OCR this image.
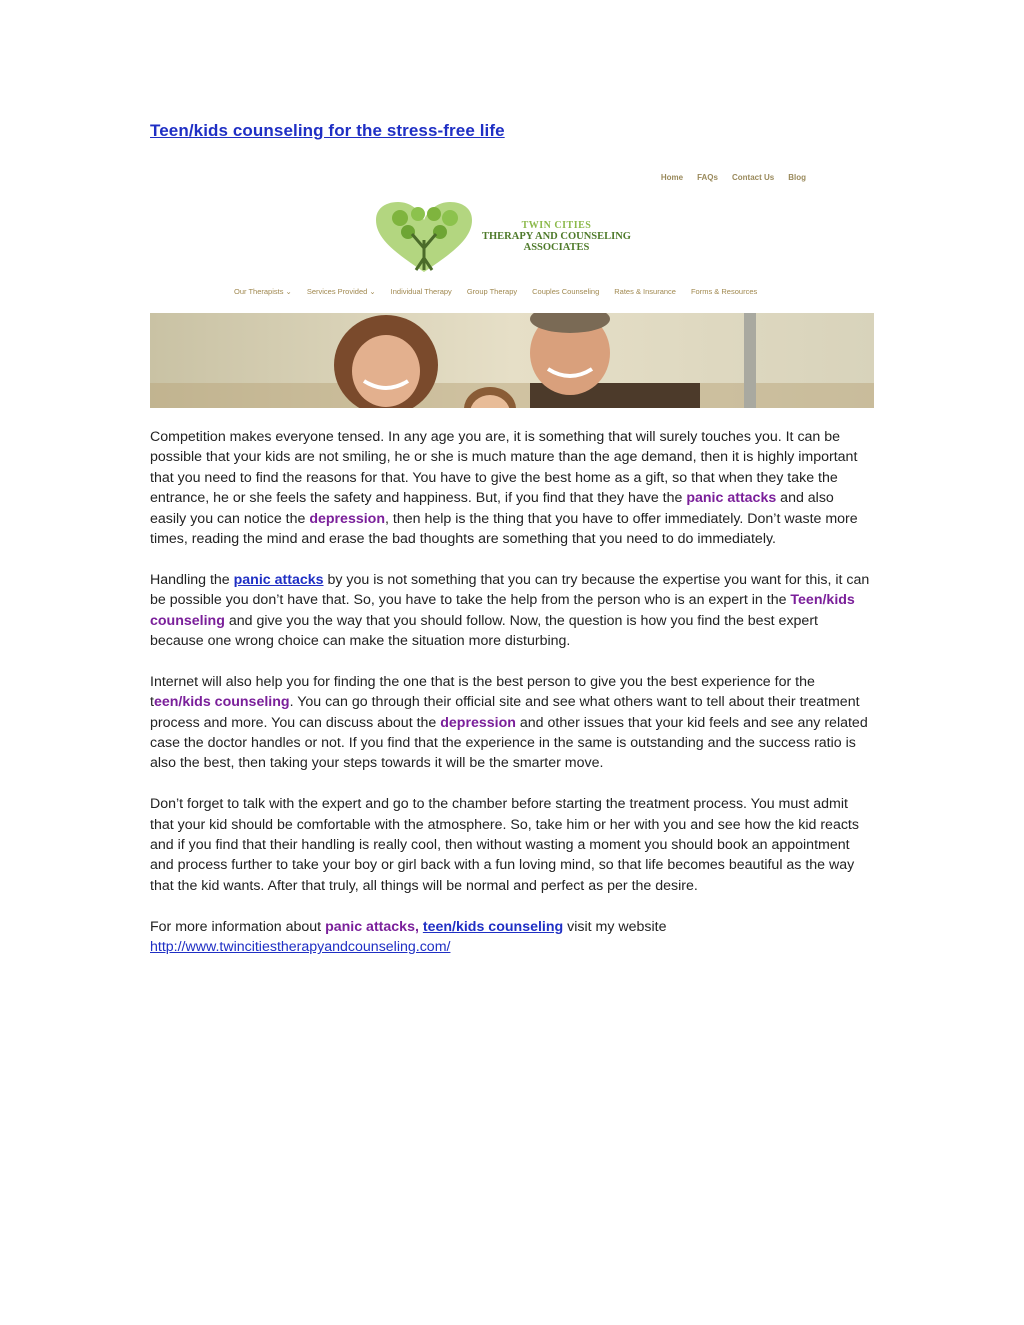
Teen/kids counseling for the stress-free life
Home FAQs Contact Us Blog
TWIN CITIES
THERAPY AND COUNSELING
ASSOCIATES
Our Therapists ⌄ Services Provided ⌄ Individual Therapy Group Therapy Couples Counseling Rates & Insurance Forms & Resources

Competition makes everyone tensed. In any age you are, it is something that will surely touches you. It can be possible that your kids are not smiling, he or she is much mature than the age demand, then it is highly important that you need to find the reasons for that. You have to give the best home as a gift, so that when they take the entrance, he or she feels the safety and happiness. But, if you find that they have the panic attacks and also easily you can notice the depression, then help is the thing that you have to offer immediately. Don’t waste more times, reading the mind and erase the bad thoughts are something that you need to do immediately.

Handling the panic attacks by you is not something that you can try because the expertise you want for this, it can be possible you don’t have that. So, you have to take the help from the person who is an expert in the Teen/kids counseling and give you the way that you should follow. Now, the question is how you find the best expert because one wrong choice can make the situation more disturbing.

Internet will also help you for finding the one that is the best person to give you the best experience for the teen/kids counseling. You can go through their official site and see what others want to tell about their treatment process and more. You can discuss about the depression and other issues that your kid feels and see any related case the doctor handles or not. If you find that the experience in the same is outstanding and the success ratio is also the best, then taking your steps towards it will be the smarter move.

Don’t forget to talk with the expert and go to the chamber before starting the treatment process. You must admit that your kid should be comfortable with the atmosphere. So, take him or her with you and see how the kid reacts and if you find that their handling is really cool, then without wasting a moment you should book an appointment and process further to take your boy or girl back with a fun loving mind, so that life becomes beautiful as the way that the kid wants. After that truly, all things will be normal and perfect as per the desire.

For more information about panic attacks, teen/kids counseling visit my website
http://www.twincitiestherapyandcounseling.com/
